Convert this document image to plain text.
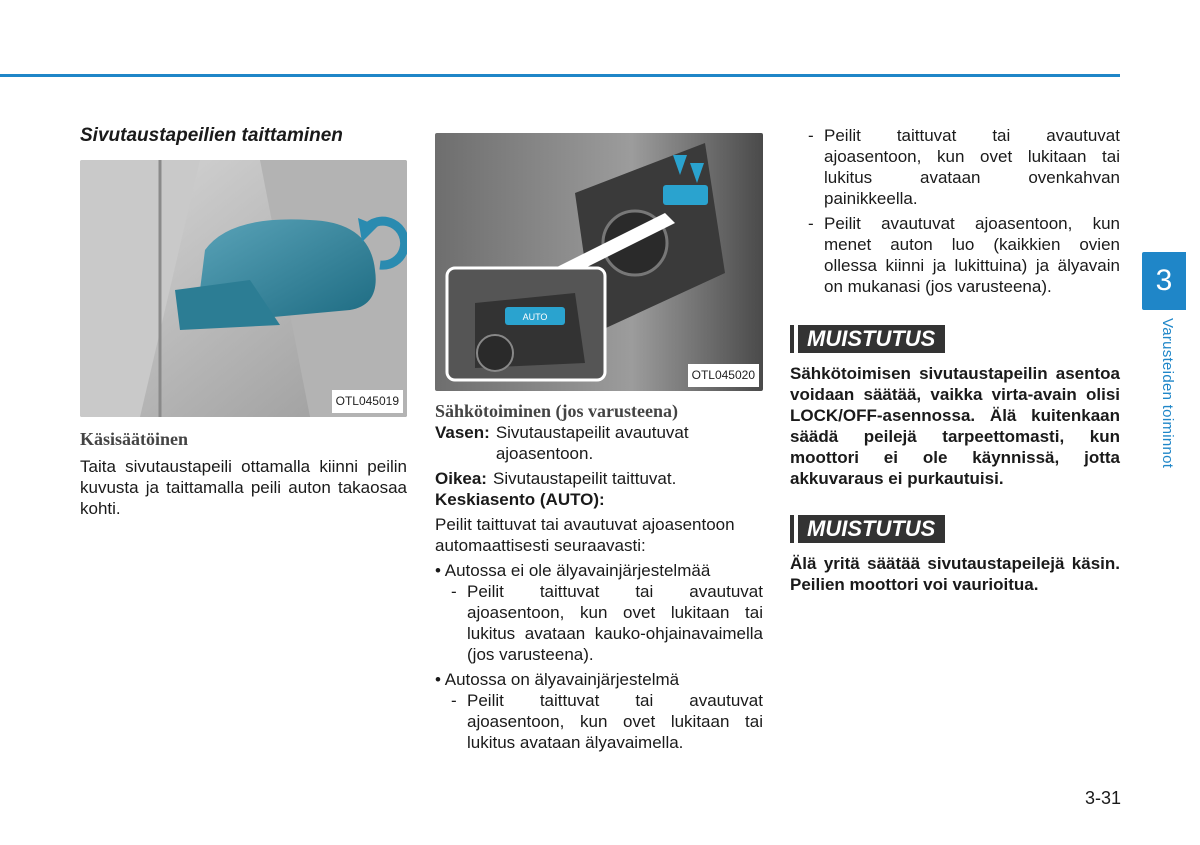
3
Varusteiden toiminnot
Sivutaustapeilien taittaminen
OTL045019
Käsisäätöinen

Taita sivutaustapeili ottamalla kiinni peilin kuvusta ja taittamalla peili auton takaosaa kohti.

AUTO
OTL045020
Sähkötoiminen (jos varusteena)
Vasen: Sivutaustapeilit avautuvat ajoasentoon.
Oikea: Sivutaustapeilit taittuvat.

Keskiasento (AUTO):

Peilit taittuvat tai avautuvat ajoasentoon automaattisesti seuraavasti:

• Autossa ei ole älyavainjärjestelmää

- Peilit taittuvat tai avautuvat ajoasentoon, kun ovet lukitaan tai lukitus avataan kauko-ohjainavaimella (jos varusteena).

• Autossa on älyavainjärjestelmä

- Peilit taittuvat tai avautuvat ajoasentoon, kun ovet lukitaan tai lukitus avataan älyavaimella.
- Peilit taittuvat tai avautuvat ajoasentoon, kun ovet lukitaan tai lukitus avataan ovenkahvan painikkeella.
- Peilit avautuvat ajoasentoon, kun menet auton luo (kaikkien ovien ollessa kiinni ja lukittuina) ja älyavain on mukanasi (jos varusteena).
MUISTUTUS

Sähkötoimisen sivutaustapeilin asentoa voidaan säätää, vaikka virta-avain olisi LOCK/OFF-asennossa. Älä kuitenkaan säädä peilejä tarpeettomasti, kun moottori ei ole käynnissä, jotta akkuvaraus ei purkautuisi.

MUISTUTUS

Älä yritä säätää sivutaustapeilejä käsin. Peilien moottori voi vaurioitua.

3-31
